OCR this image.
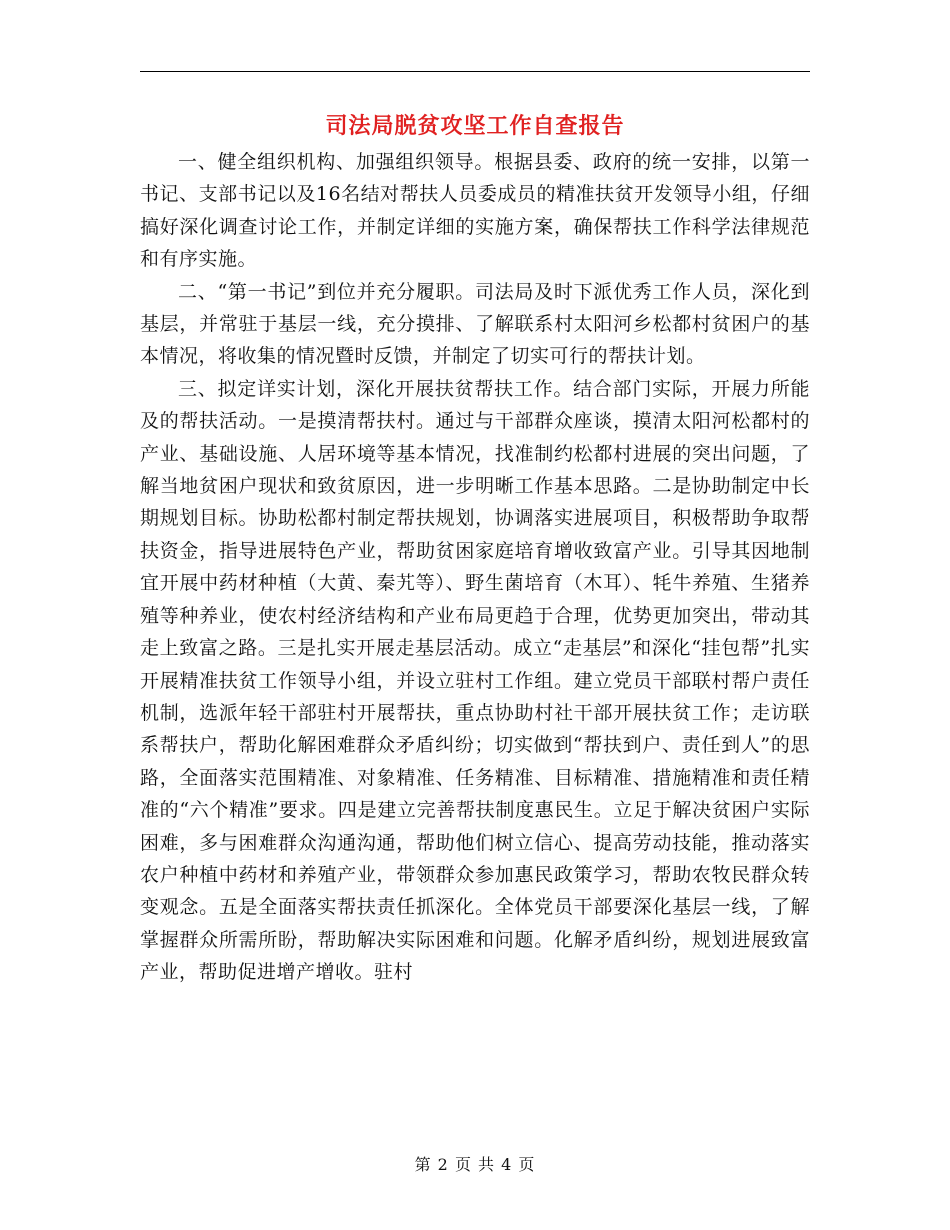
司法局脱贫攻坚工作自查报告

一、健全组织机构、加强组织领导。根据县委、政府的统一安排，以第一书记、支部书记以及16名结对帮扶人员委成员的精准扶贫开发领导小组，仔细搞好深化调查讨论工作，并制定详细的实施方案，确保帮扶工作科学法律规范和有序实施。

二、“第一书记”到位并充分履职。司法局及时下派优秀工作人员，深化到基层，并常驻于基层一线，充分摸排、了解联系村太阳河乡松都村贫困户的基本情况，将收集的情况暨时反馈，并制定了切实可行的帮扶计划。

三、拟定详实计划，深化开展扶贫帮扶工作。结合部门实际，开展力所能及的帮扶活动。一是摸清帮扶村。通过与干部群众座谈，摸清太阳河松都村的产业、基础设施、人居环境等基本情况，找准制约松都村进展的突出问题，了解当地贫困户现状和致贫原因，进一步明晰工作基本思路。二是协助制定中长期规划目标。协助松都村制定帮扶规划，协调落实进展项目，积极帮助争取帮扶资金，指导进展特色产业，帮助贫困家庭培育增收致富产业。引导其因地制宜开展中药材种植（大黄、秦艽等）、野生菌培育（木耳）、牦牛养殖、生猪养殖等种养业，使农村经济结构和产业布局更趋于合理，优势更加突出，带动其走上致富之路。三是扎实开展走基层活动。成立“走基层”和深化“挂包帮”扎实开展精准扶贫工作领导小组，并设立驻村工作组。建立党员干部联村帮户责任机制，选派年轻干部驻村开展帮扶，重点协助村社干部开展扶贫工作；走访联系帮扶户，帮助化解困难群众矛盾纠纷；切实做到“帮扶到户、责任到人”的思路，全面落实范围精准、对象精准、任务精准、目标精准、措施精准和责任精准的“六个精准”要求。四是建立完善帮扶制度惠民生。立足于解决贫困户实际困难，多与困难群众沟通沟通，帮助他们树立信心、提高劳动技能，推动落实农户种植中药材和养殖产业，带领群众参加惠民政策学习，帮助农牧民群众转变观念。五是全面落实帮扶责任抓深化。全体党员干部要深化基层一线，了解掌握群众所需所盼，帮助解决实际困难和问题。化解矛盾纠纷，规划进展致富产业，帮助促进增产增收。驻村

第 2 页 共 4 页
